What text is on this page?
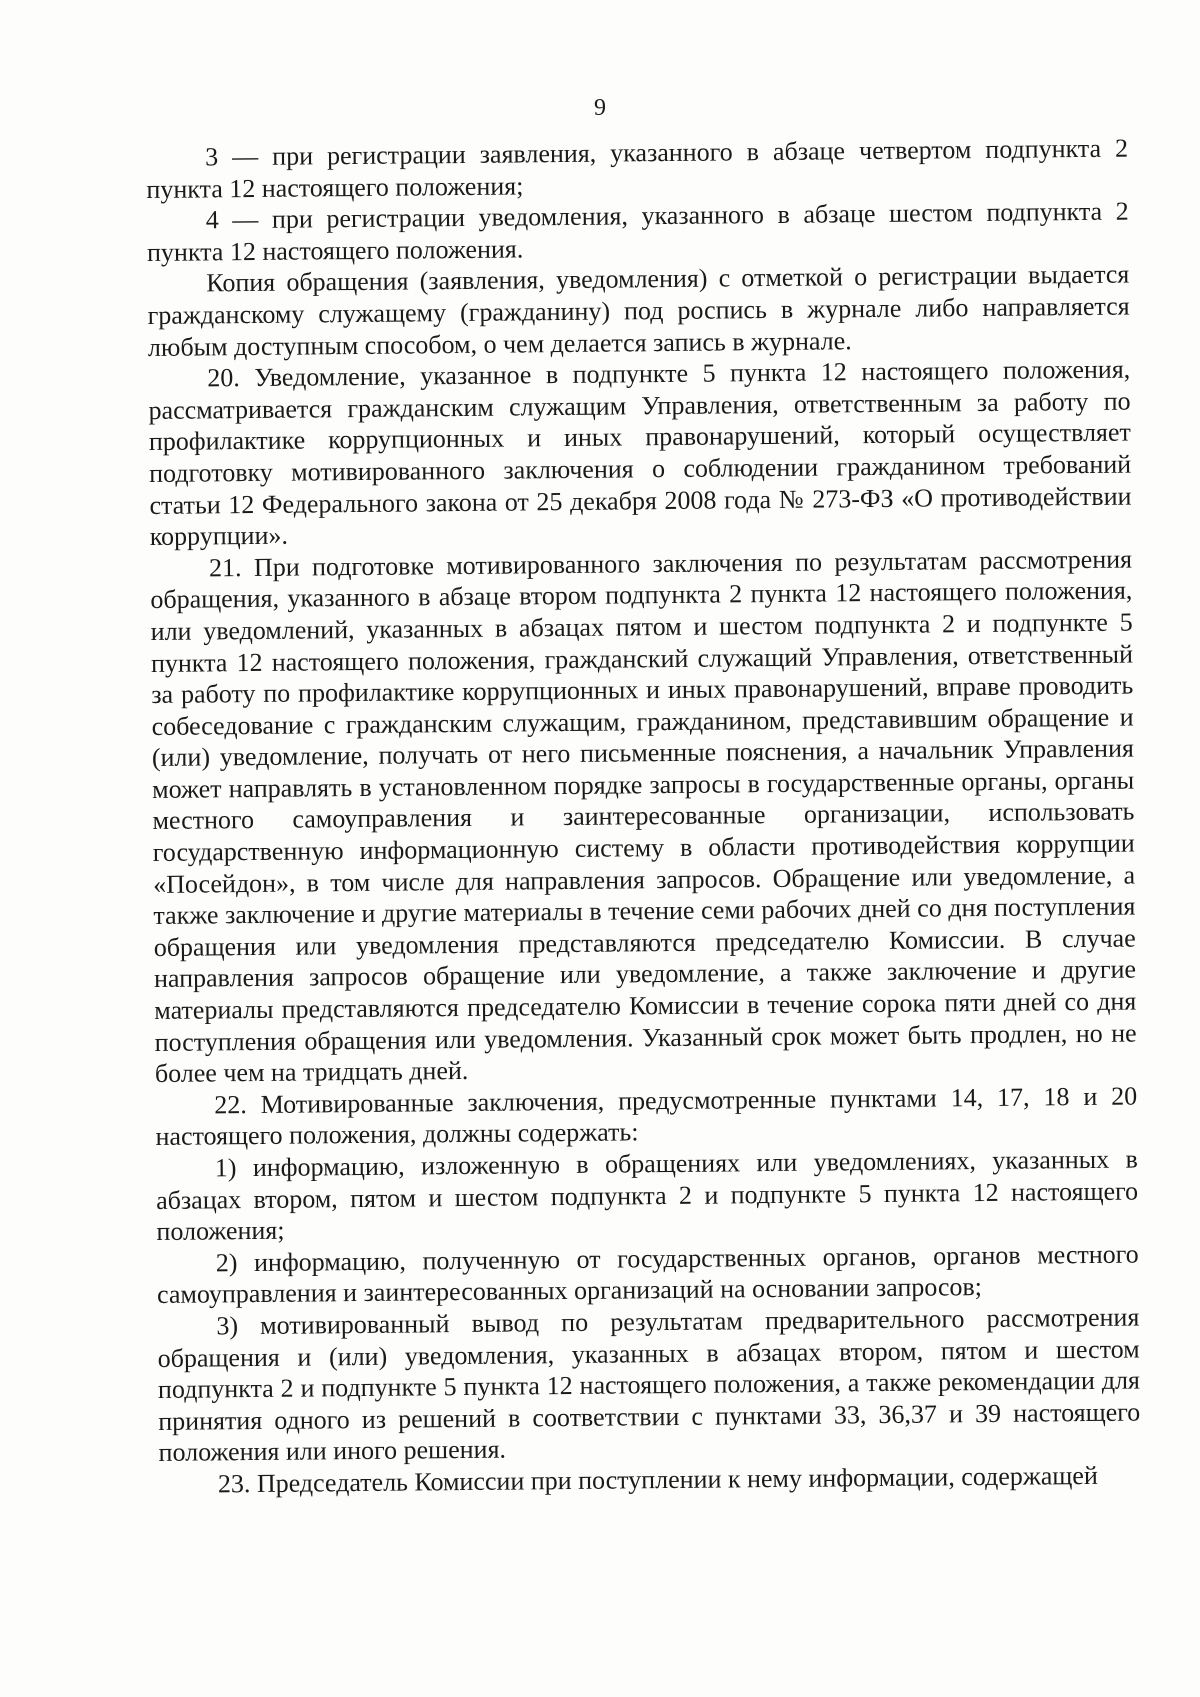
9

3 — при регистрации заявления, указанного в абзаце четвертом подпункта 2 пункта 12 настоящего положения;

4 — при регистрации уведомления, указанного в абзаце шестом подпункта 2 пункта 12 настоящего положения.

Копия обращения (заявления, уведомления) с отметкой о регистрации выдается гражданскому служащему (гражданину) под роспись в журнале либо направляется любым доступным способом, о чем делается запись в журнале.

20. Уведомление, указанное в подпункте 5 пункта 12 настоящего положения, рассматривается гражданским служащим Управления, ответственным за работу по профилактике коррупционных и иных правонарушений, который осуществляет подготовку мотивированного заключения о соблюдении гражданином требований статьи 12 Федерального закона от 25 декабря 2008 года № 273-ФЗ «О противодействии коррупции».

21. При подготовке мотивированного заключения по результатам рассмотрения обращения, указанного в абзаце втором подпункта 2 пункта 12 настоящего положения, или уведомлений, указанных в абзацах пятом и шестом подпункта 2 и подпункте 5 пункта 12 настоящего положения, гражданский служащий Управления, ответственный за работу по профилактике коррупционных и иных правонарушений, вправе проводить собеседование с гражданским служащим, гражданином, представившим обращение и (или) уведомление, получать от него письменные пояснения, а начальник Управления может направлять в установленном порядке запросы в государственные органы, органы местного самоуправления и заинтересованные организации, использовать государственную информационную систему в области противодействия коррупции «Посейдон», в том числе для направления запросов. Обращение или уведомление, а также заключение и другие материалы в течение семи рабочих дней со дня поступления обращения или уведомления представляются председателю Комиссии. В случае направления запросов обращение или уведомление, а также заключение и другие материалы представляются председателю Комиссии в течение сорока пяти дней со дня поступления обращения или уведомления. Указанный срок может быть продлен, но не более чем на тридцать дней.

22. Мотивированные заключения, предусмотренные пунктами 14, 17, 18 и 20 настоящего положения, должны содержать:

1) информацию, изложенную в обращениях или уведомлениях, указанных в абзацах втором, пятом и шестом подпункта 2 и подпункте 5 пункта 12 настоящего положения;

2) информацию, полученную от государственных органов, органов местного самоуправления и заинтересованных организаций на основании запросов;

3) мотивированный вывод по результатам предварительного рассмотрения обращения и (или) уведомления, указанных в абзацах втором, пятом и шестом подпункта 2 и подпункте 5 пункта 12 настоящего положения, а также рекомендации для принятия одного из решений в соответствии с пунктами 33, 36,37 и 39 настоящего положения или иного решения.

23. Председатель Комиссии при поступлении к нему информации, содержащей
